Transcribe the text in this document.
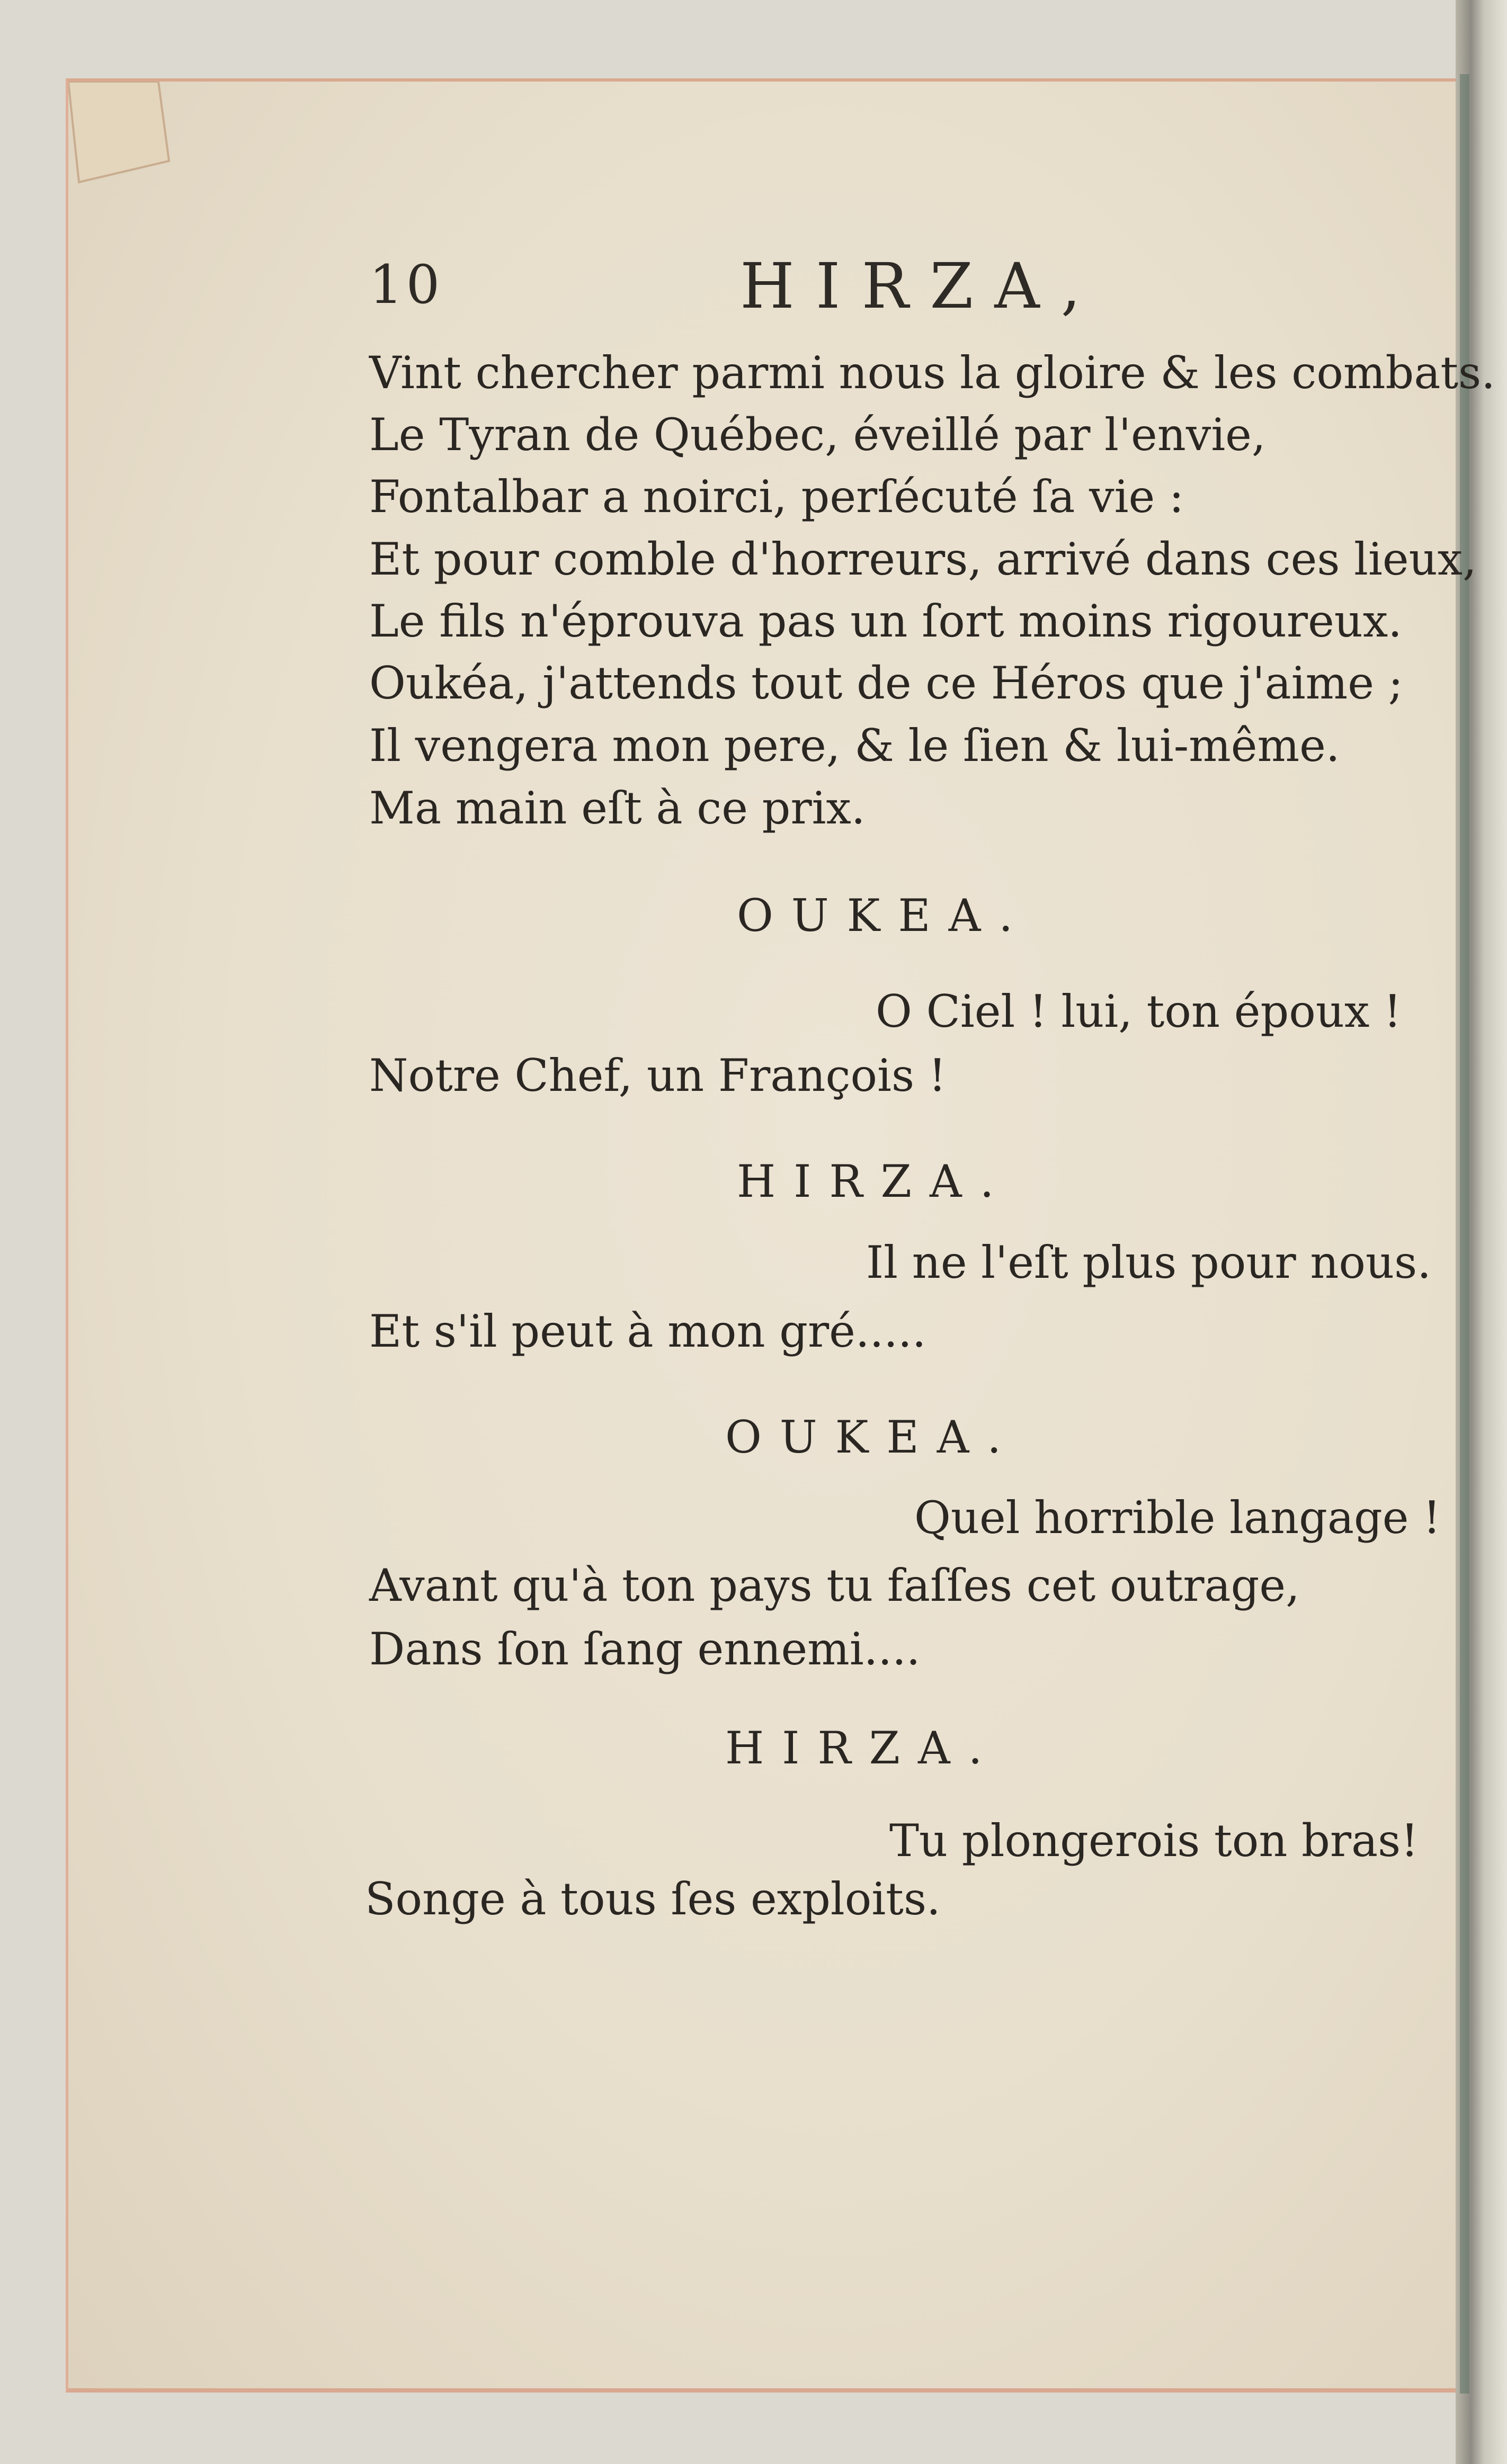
10	HIRZA,
Vint chercher parmi nous la gloire & les combats.
Le Tyran de Québec, éveillé par l'envie,
Fontalbar a noirci, perſécuté ſa vie :
Et pour comble d'horreurs, arrivé dans ces lieux,
Le fils n'éprouva pas un ſort moins rigoureux.
Oukéa, j'attends tout de ce Héros que j'aime ;
Il vengera mon pere, & le ſien & lui-même.
Ma main eſt à ce prix.
OUKEA.
O Ciel ! lui, ton époux !
Notre Chef, un François !
HIRZA.
Il ne l'eſt plus pour nous.
Et s'il peut à mon gré.....
OUKEA.
Quel horrible langage !
Avant qu'à ton pays tu faſſes cet outrage,
Dans ſon ſang ennemi....
HIRZA.
Tu plongerois ton bras!
Songe à tous ſes exploits.
